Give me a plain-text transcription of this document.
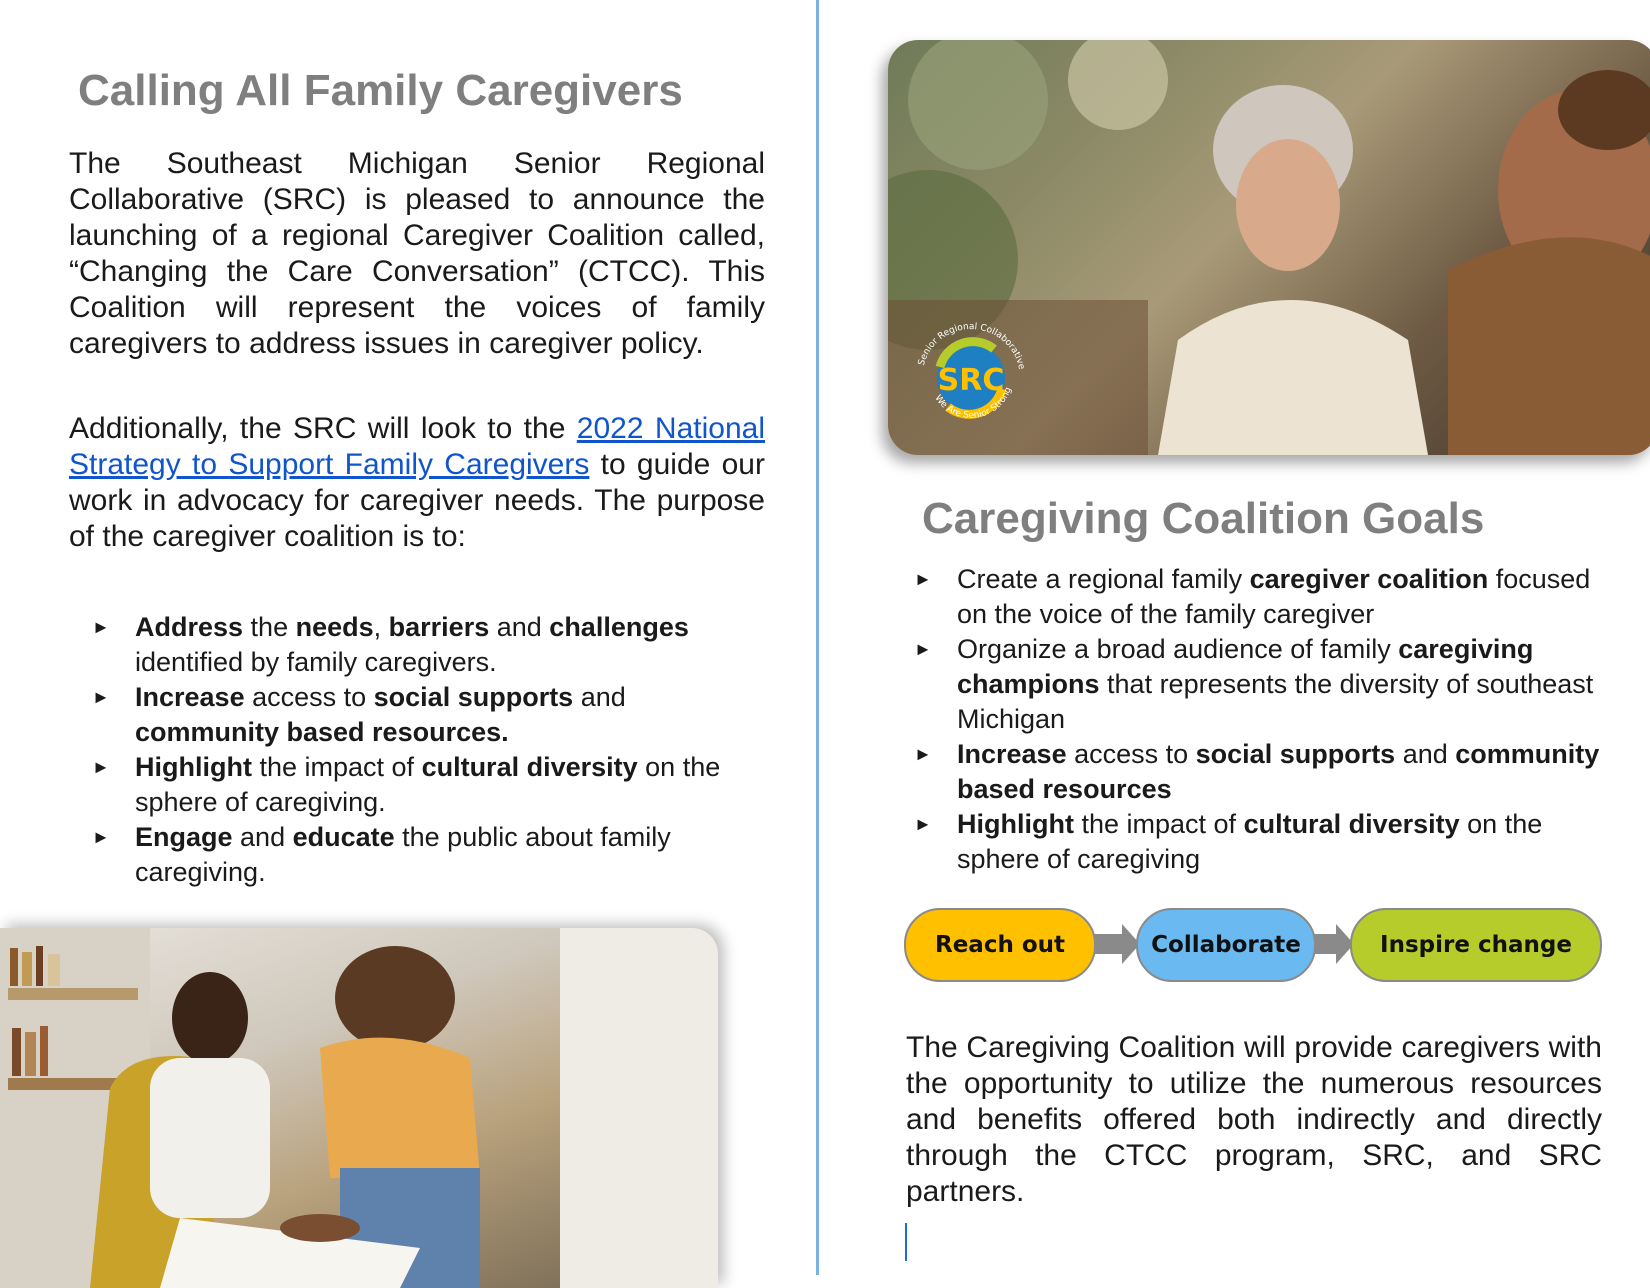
Calling All Family Caregivers

The Southeast Michigan Senior Regional Collaborative (SRC) is pleased to announce the launching of a regional Caregiver Coalition called, “Changing the Care Conversation” (CTCC). This Coalition will represent the voices of family caregivers to address issues in caregiver policy.

Additionally, the SRC will look to the 2022 National Strategy to Support Family Caregivers to guide our work in advocacy for caregiver needs. The purpose of the caregiver coalition is to:

► Address the needs, barriers and challenges identified by family caregivers.
► Increase access to social supports and community based resources.
► Highlight the impact of cultural diversity on the sphere of caregiving.
► Engage and educate the public about family caregiving.
SRC
Senior Regional Collaborative
We Are Senior Strong
Caregiving Coalition Goals
► Create a regional family caregiver coalition focused on the voice of the family caregiver
► Organize a broad audience of family caregiving champions that represents the diversity of southeast Michigan
► Increase access to social supports and community based resources
► Highlight the impact of cultural diversity on the sphere of caregiving
Reach out	Collaborate	Inspire change

The Caregiving Coalition will provide caregivers with the opportunity to utilize the numerous resources and benefits offered both indirectly and directly through the CTCC program, SRC, and SRC partners.
